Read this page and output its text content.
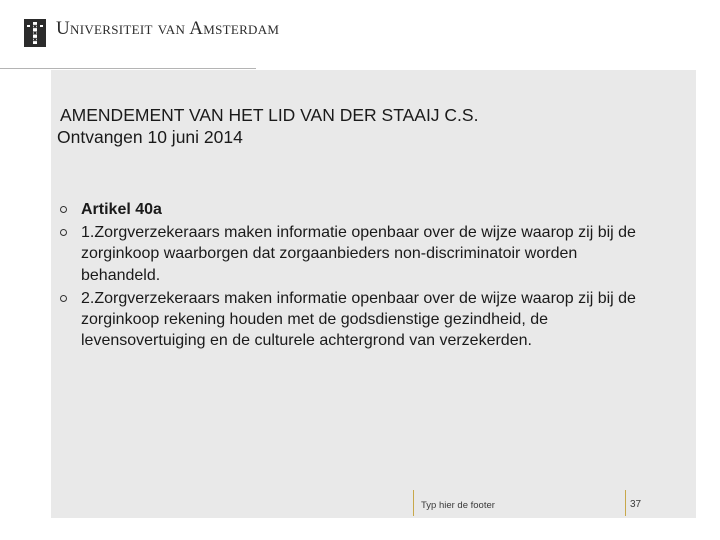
Universiteit van Amsterdam
AMENDEMENT VAN HET LID VAN DER STAAIJ C.S.
Ontvangen 10 juni 2014
Artikel 40a
1.Zorgverzekeraars maken informatie openbaar over de wijze waarop zij bij de zorginkoop waarborgen dat zorgaanbieders non-discriminatoir worden behandeld.
2.Zorgverzekeraars maken informatie openbaar over de wijze waarop zij bij de zorginkoop rekening houden met de godsdienstige gezindheid, de levensovertuiging en de culturele achtergrond van verzekerden.
Typ hier de footer	37
